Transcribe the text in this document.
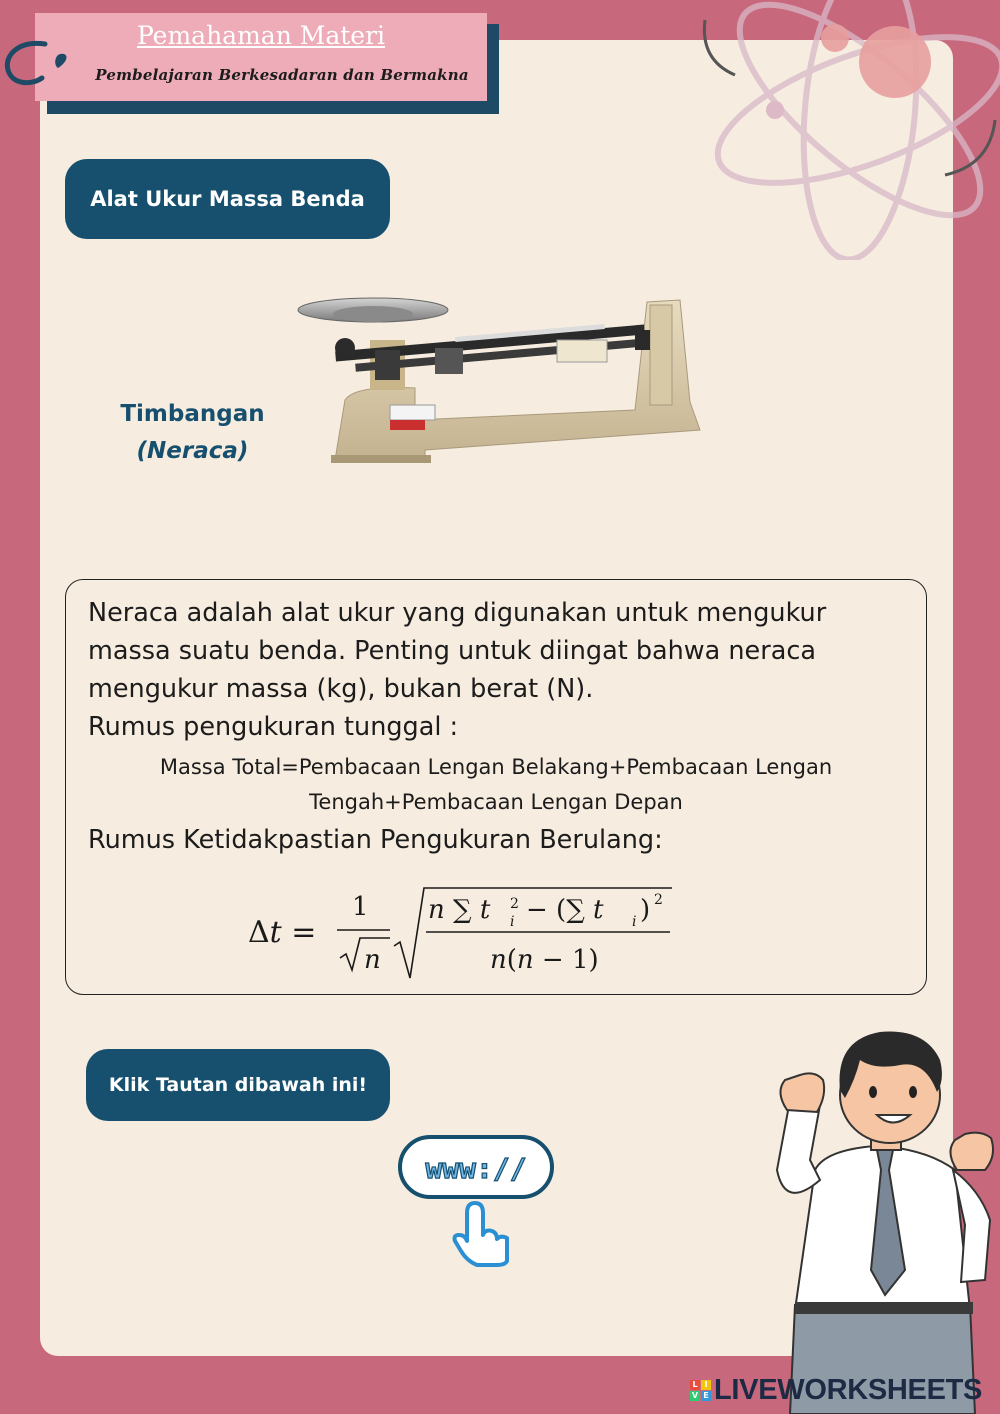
Pemahaman Materi
Pembelajaran Berkesadaran dan Bermakna
Alat Ukur Massa Benda
Timbangan
(Neraca)
Neraca adalah alat ukur yang digunakan untuk mengukur massa suatu benda. Penting untuk diingat bahwa neraca mengukur massa (kg), bukan berat (N).
Rumus pengukuran tunggal :
Massa Total=Pembacaan Lengan Belakang+Pembacaan Lengan
Tengah+Pembacaan Lengan Depan
Rumus Ketidakpastian Pengukuran Berulang:
Δt =
1
n
n ∑ t 2
i − (∑ t i ) 2
n(n − 1)
Klik Tautan dibawah ini!
www://
L I
V E LIVEWORKSHEETS
